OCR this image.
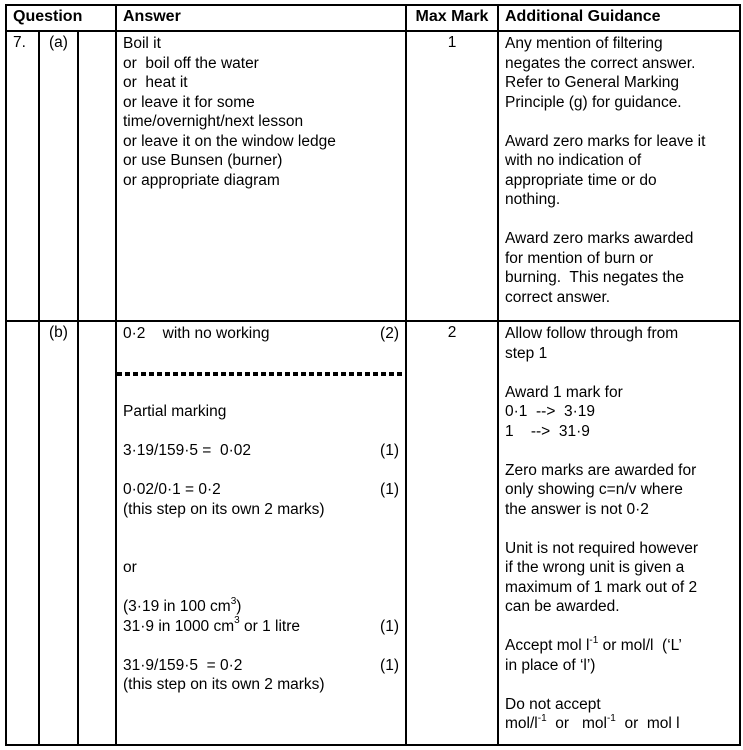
Question			Answer	Max Mark	Additional Guidance
7.	(a)		Boil it
or  boil off the water
or  heat it
or leave it for some
time/overnight/next lesson
or leave it on the window ledge
or use Bunsen (burner)
or appropriate diagram
	1	Any mention of filtering
negates the correct answer.
Refer to General Marking
Principle (g) for guidance.
Award zero marks for leave it
with no indication of
appropriate time or do
nothing.
Award zero marks awarded
for mention of burn or
burning.  This negates the
correct answer.

	(b)		0·2    with no working	(2)
Partial marking
3·19/159·5 =  0·02	(1)
0·02/0·1 = 0·2	(1)
(this step on its own 2 marks)
or
(3·19 in 100 $cm^3$)
31·9 in 1000 $cm^3$ or 1 litre	(1)
31·9/159·5  = 0·2	(1)
(this step on its own 2 marks)
	2	Allow follow through from
step 1
Award 1 mark for
0·1  -->  3·19
1    -->  31·9
Zero marks are awarded for
only showing c=n/v where
the answer is not 0·2
Unit is not required however
if the wrong unit is given a
maximum of 1 mark out of 2
can be awarded.
Accept mol $l^{-1}$ or mol/l  (‘L’
in place of ‘l’)
Do not accept
mol/$l^{-1}$  or   mol$^{-1}$  or  mol l
